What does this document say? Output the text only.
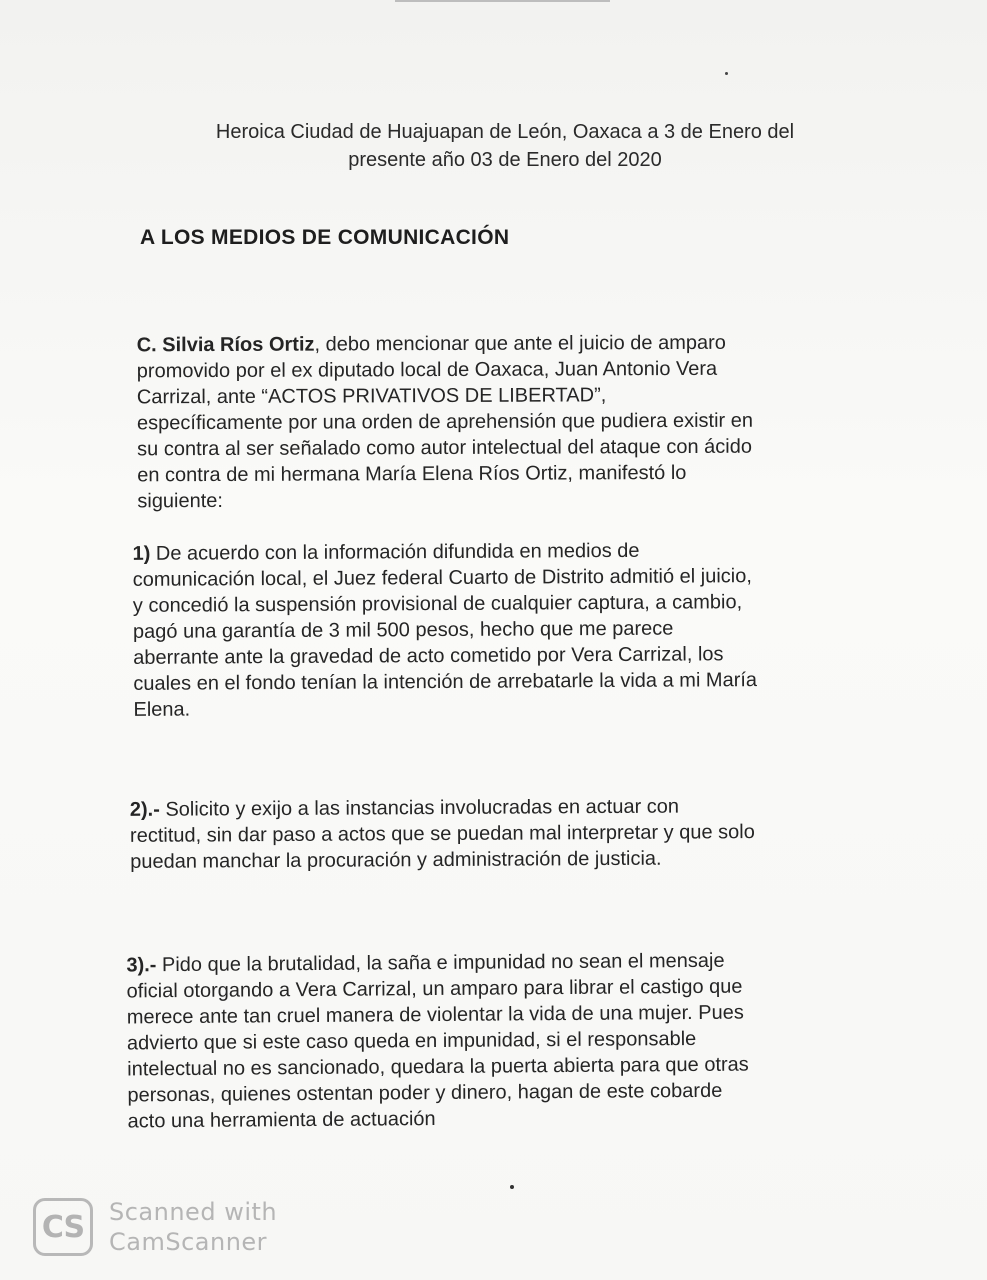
Heroica Ciudad de Huajuapan de León, Oaxaca a 3 de Enero del
presente año 03 de Enero del 2020
A LOS MEDIOS DE COMUNICACIÓN
C. Silvia Ríos Ortiz, debo mencionar que ante el juicio de amparo
promovido por el ex diputado local de Oaxaca, Juan Antonio Vera
Carrizal, ante “ACTOS PRIVATIVOS DE LIBERTAD”,
específicamente por una orden de aprehensión que pudiera existir en
su contra al ser señalado como autor intelectual del ataque con ácido
en contra de mi hermana María Elena Ríos Ortiz, manifestó lo
siguiente:
1) De acuerdo con la información difundida en medios de
comunicación local, el Juez federal Cuarto de Distrito admitió el juicio,
y concedió la suspensión provisional de cualquier captura, a cambio,
pagó una garantía de 3 mil 500 pesos, hecho que me parece
aberrante ante la gravedad de acto cometido por Vera Carrizal, los
cuales en el fondo tenían la intención de arrebatarle la vida a mi María
Elena.
2).- Solicito y exijo a las instancias involucradas en actuar con
rectitud, sin dar paso a actos que se puedan mal interpretar y que solo
puedan manchar la procuración y administración de justicia.
3).- Pido que la brutalidad, la saña e impunidad no sean el mensaje
oficial otorgando a Vera Carrizal, un amparo para librar el castigo que
merece ante tan cruel manera de violentar la vida de una mujer. Pues
advierto que si este caso queda en impunidad, si el responsable
intelectual no es sancionado, quedara la puerta abierta para que otras
personas, quienes ostentan poder y dinero, hagan de este cobarde
acto una herramienta de actuación
CS	Scanned with
CamScanner
